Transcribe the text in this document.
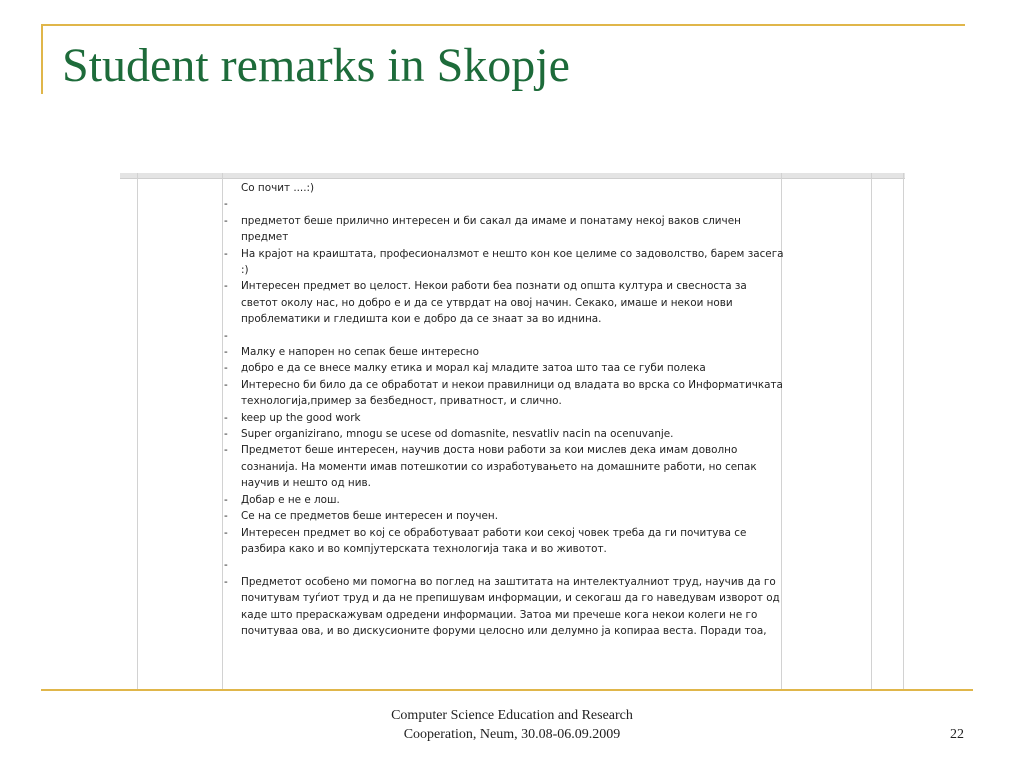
Student remarks in Skopje
Со почит ....:)
-
- предметот беше прилично интересен и би сакал да имаме и понатаму некој ваков сличен предмет
- На крајот на краиштата, професионалзмот е нешто кон кое целиме со задоволство, барем засега :)
- Интересен предмет во целост. Некои работи беа познати од општа култура и свесноста за светот околу нас, но добро е и да се утврдат на овој начин. Секако, имаше и некои нови проблематики и гледишта кои е добро да се знаат за во иднина.
-
- Малку е напорен но сепак беше интересно
- добро е да се внесе малку етика и морал кај младите затоа што таа се губи полека
- Интересно би било да се обработат и некои правилници од владата во врска со Информатичката технологија,пример за безбедност, приватност, и слично.
- keep up the good work
- Super organizirano, mnogu se ucese od domasnite, nesvatliv nacin na ocenuvanje.
- Предметот беше интересен, научив доста нови работи за кои мислев дека имам доволно сознанија. На моменти имав потешкотии со изработувањето на домашните работи, но сепак научив и нешто од нив.
- Добар е не е лош.
- Се на се предметов беше интересен и поучен.
- Интересен предмет во кој се обработуваат работи кои секој човек треба да ги почитува се разбира како и во компјутерската технологија така и во животот.
-
- Предметот особено ми помогна во поглед на заштитата на интелектуалниот труд, научив да го почитувам туѓиот труд и да не препишувам информации, и секогаш да го наведувам изворот од каде што прераскажувам одредени информации. Затоа ми пречеше кога некои колеги не го почитуваа ова, и во дискусионите форуми целосно или делумно ја копираа веста. Поради тоа,
Computer Science Education and Research
Cooperation, Neum, 30.08-06.09.2009	22
